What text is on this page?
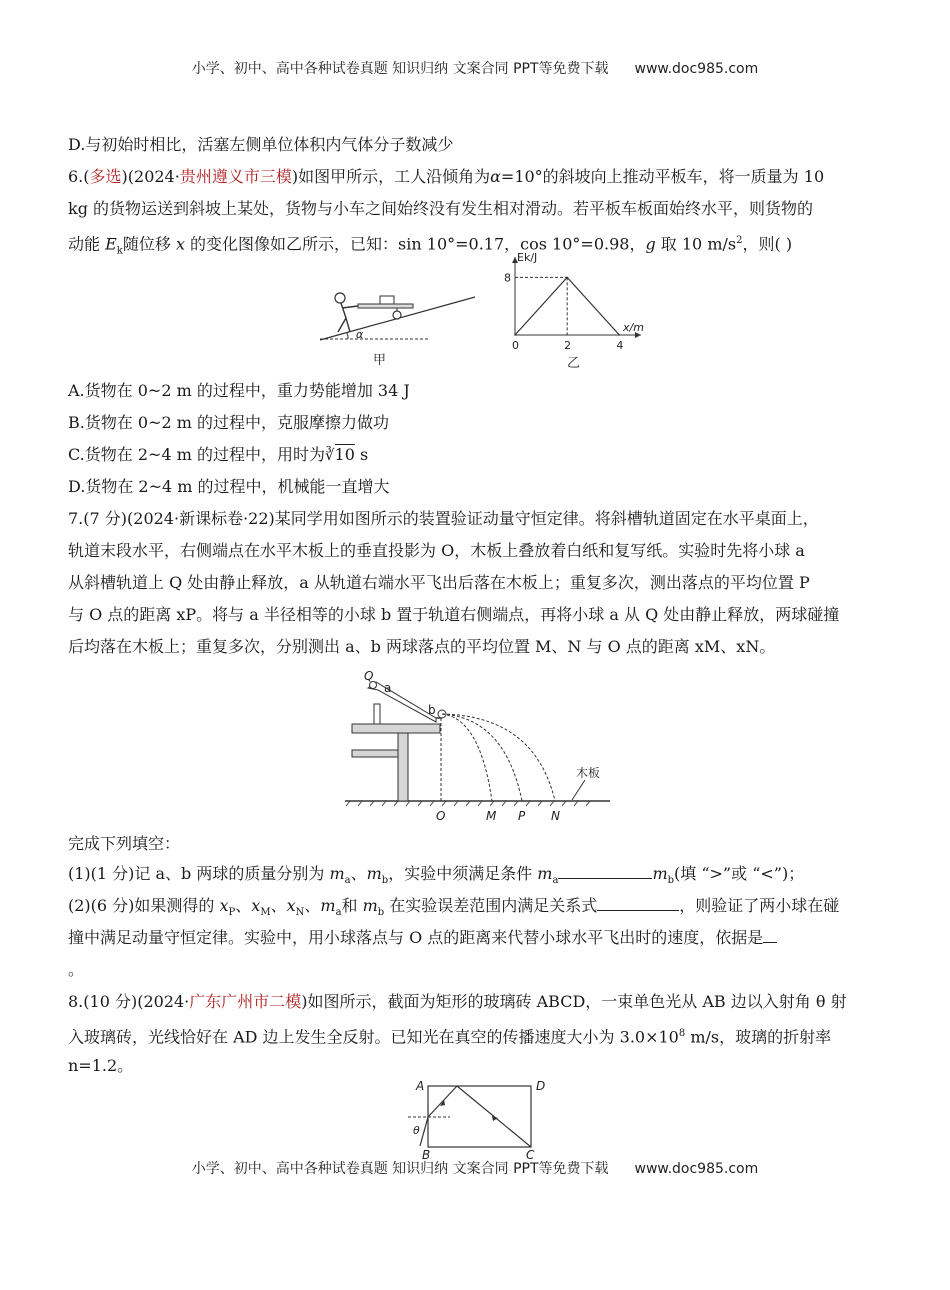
小学、初中、高中各种试卷真题 知识归纳 文案合同 PPT等免费下载 www.doc985.com
D.与初始时相比，活塞左侧单位体积内气体分子数减少
6.(多选)(2024·贵州遵义市三模)如图甲所示，工人沿倾角为α=10°的斜坡向上推动平板车，将一质量为 10
kg 的货物运送到斜坡上某处，货物与小车之间始终没有发生相对滑动。若平板车板面始终水平，则货物的
动能 $E_k$随位移 x 的变化图像如乙所示，已知：sin 10°=0.17，cos 10°=0.98，g 取 10 $m/s^2$，则( )
α
甲
Ek/J
x/m
0	2	4
8
乙
A.货物在 0~2 m 的过程中，重力势能增加 34 J
B.货物在 0~2 m 的过程中，克服摩擦力做功
C.货物在 2~4 m 的过程中，用时为∛10 s
D.货物在 2~4 m 的过程中，机械能一直增大
7.(7 分)(2024·新课标卷·22)某同学用如图所示的装置验证动量守恒定律。将斜槽轨道固定在水平桌面上，
轨道末段水平，右侧端点在水平木板上的垂直投影为 O，木板上叠放着白纸和复写纸。实验时先将小球 a
从斜槽轨道上 Q 处由静止释放，a 从轨道右端水平飞出后落在木板上；重复多次，测出落点的平均位置 P
与 O 点的距离 xP。将与 a 半径相等的小球 b 置于轨道右侧端点，再将小球 a 从 Q 处由静止释放，两球碰撞
后均落在木板上；重复多次，分别测出 a、b 两球落点的平均位置 M、N 与 O 点的距离 xM、xN。
Q
a
b
木板
O	M P N
完成下列填空：
(1)(1 分)记 a、b 两球的质量分别为 $m_a$、$m_b$，实验中须满足条件 $m_a$	$m_b$(填 “>”或 “<”)；
(2)(6 分)如果测得的 $x_P$、$x_M$、$x_N$、$m_a$和 $m_b$ 在实验误差范围内满足关系式	，则验证了两小球在碰
撞中满足动量守恒定律。实验中，用小球落点与 O 点的距离来代替小球水平飞出时的速度，依据是
。
8.(10 分)(2024·广东广州市二模)如图所示，截面为矩形的玻璃砖 ABCD，一束单色光从 AB 边以入射角 θ 射
入玻璃砖，光线恰好在 AD 边上发生全反射。已知光在真空的传播速度大小为 $3.0\times 10^8$ m/s，玻璃的折射率
n=1.2。
A	D
B	C
θ
小学、初中、高中各种试卷真题 知识归纳 文案合同 PPT等免费下载 www.doc985.com
